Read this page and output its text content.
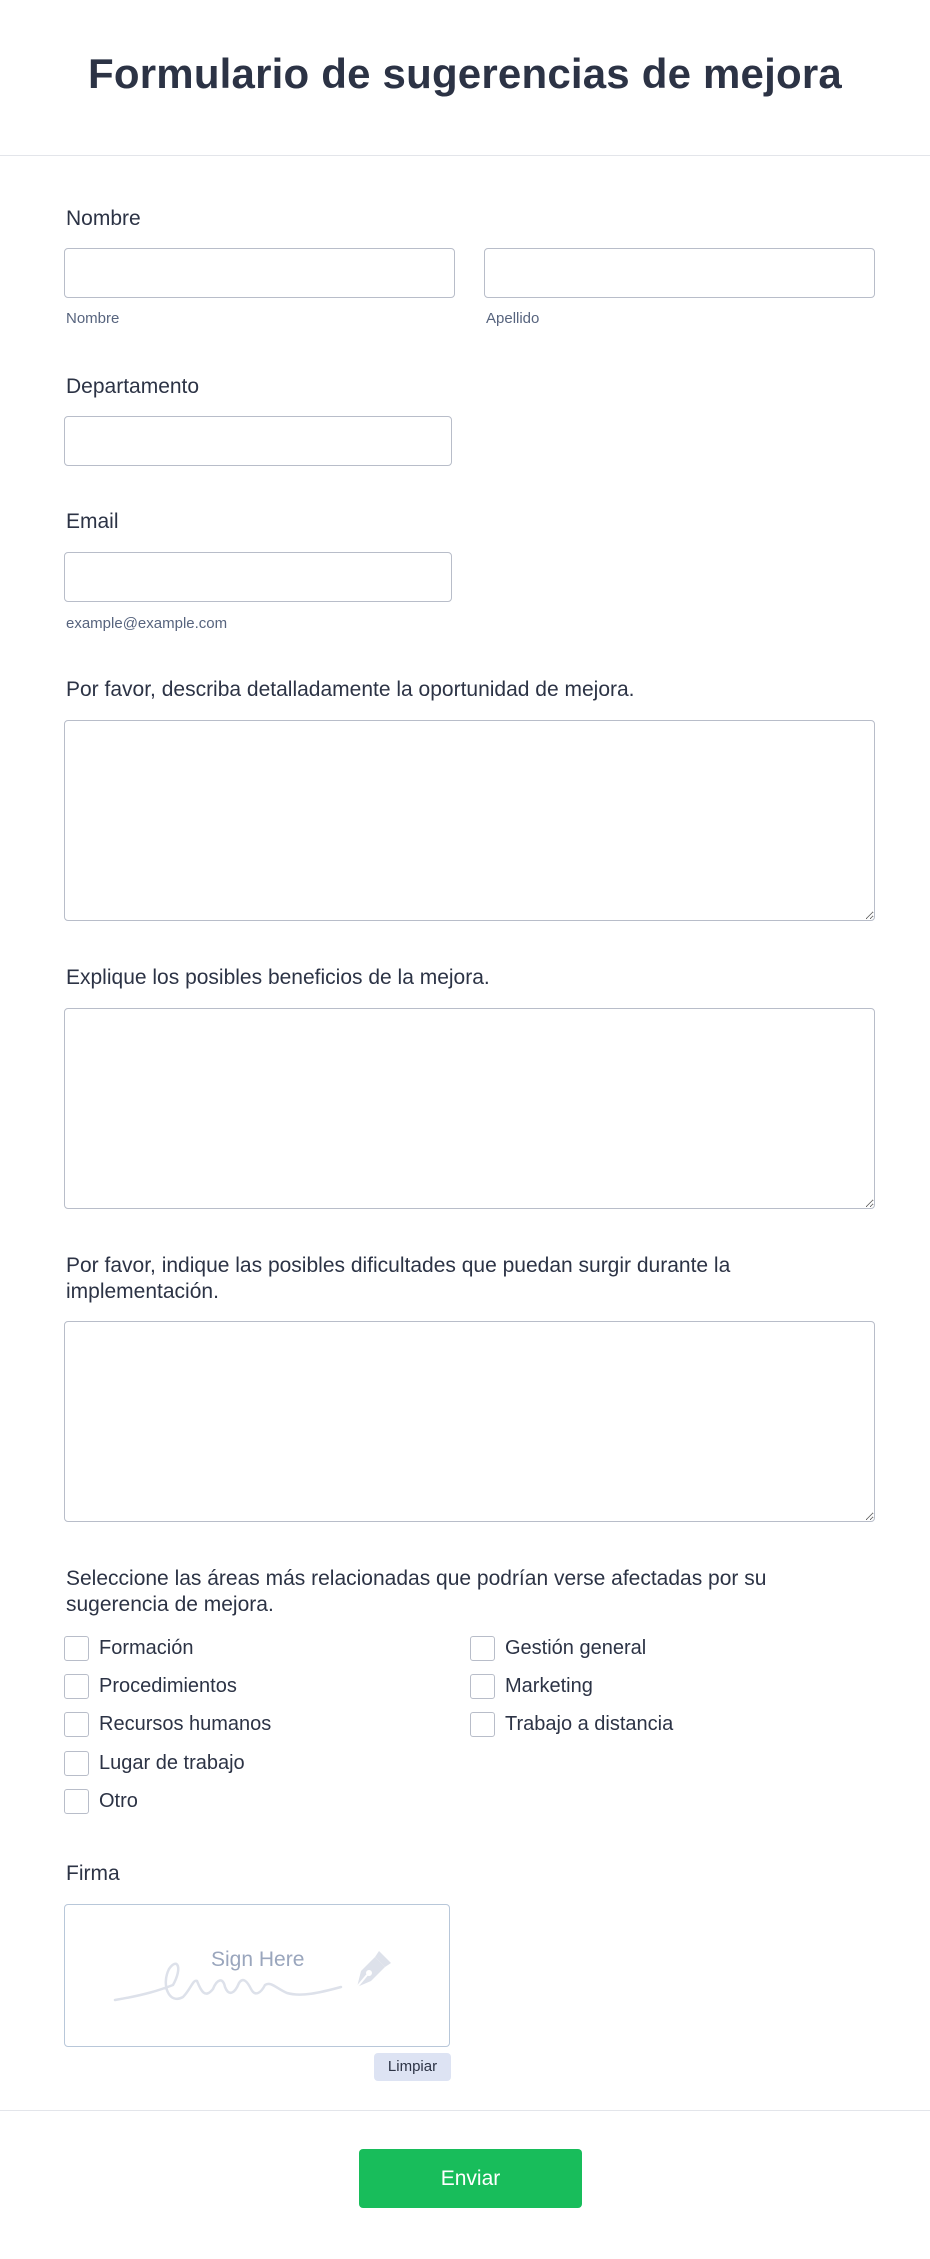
Formulario de sugerencias de mejora
Nombre
Nombre	Apellido
Departamento
Email
example@example.com
Por favor, describa detalladamente la oportunidad de mejora.
Explique los posibles beneficios de la mejora.
Por favor, indique las posibles dificultades que puedan surgir durante la
implementación.
Seleccione las áreas más relacionadas que podrían verse afectadas por su
sugerencia de mejora.
Formación	Gestión general
Procedimientos	Marketing
Recursos humanos	Trabajo a distancia
Lugar de trabajo
Otro
Firma
Sign Here
Limpiar
Enviar
